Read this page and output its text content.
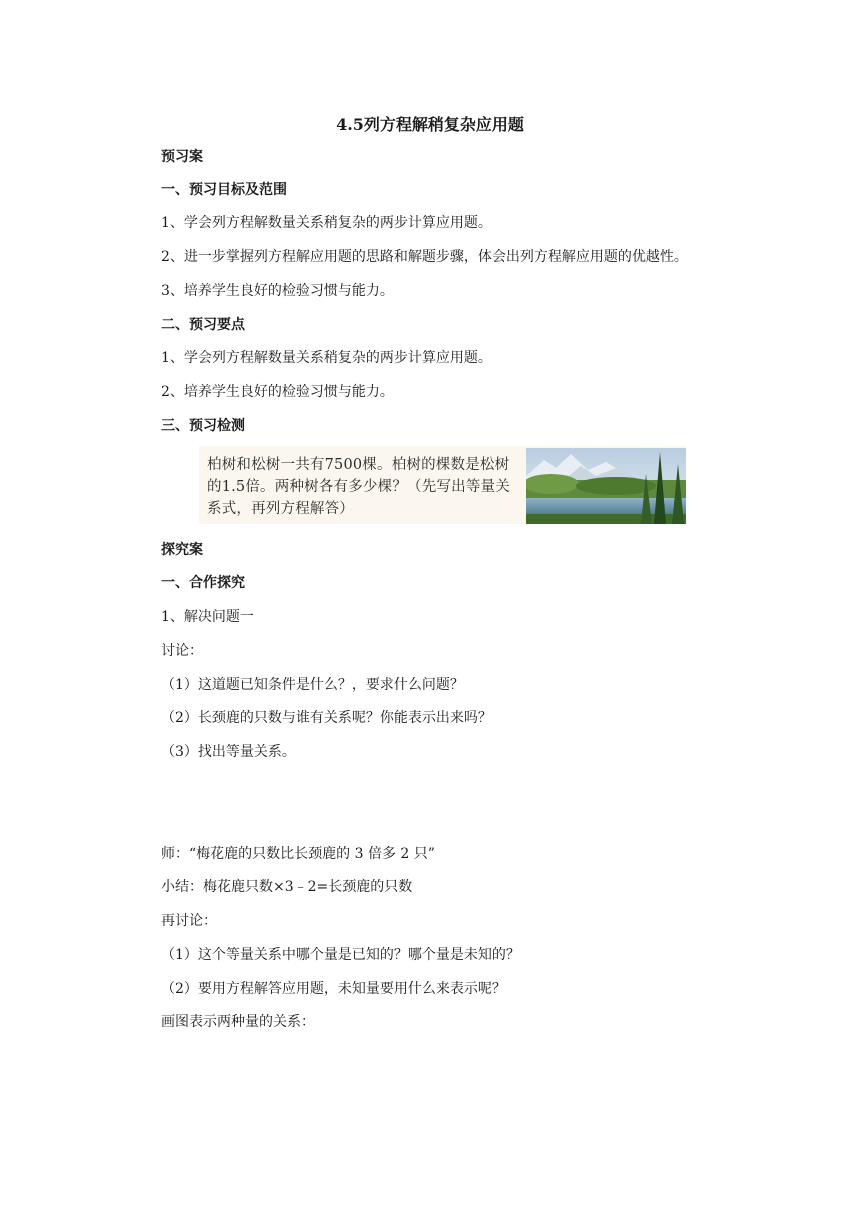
4.5列方程解稍复杂应用题
预习案
一、预习目标及范围
1、学会列方程解数量关系稍复杂的两步计算应用题。
2、进一步掌握列方程解应用题的思路和解题步骤，体会出列方程解应用题的优越性。
3、培养学生良好的检验习惯与能力。
二、预习要点
1、学会列方程解数量关系稍复杂的两步计算应用题。
2、培养学生良好的检验习惯与能力。
三、预习检测
柏树和松树一共有7500棵。柏树的棵数是松树的1.5倍。两种树各有多少棵？（先写出等量关系式，再列方程解答）
探究案
一、合作探究
1、解决问题一
讨论：
（1）这道题已知条件是什么？，要求什么问题？
（2）长颈鹿的只数与谁有关系呢？你能表示出来吗？
（3）找出等量关系。
师：“梅花鹿的只数比长颈鹿的 3 倍多 2 只”
小结：梅花鹿只数×3﹣2=长颈鹿的只数
再讨论：
（1）这个等量关系中哪个量是已知的？哪个量是未知的？
（2）要用方程解答应用题，未知量要用什么来表示呢？
画图表示两种量的关系：
